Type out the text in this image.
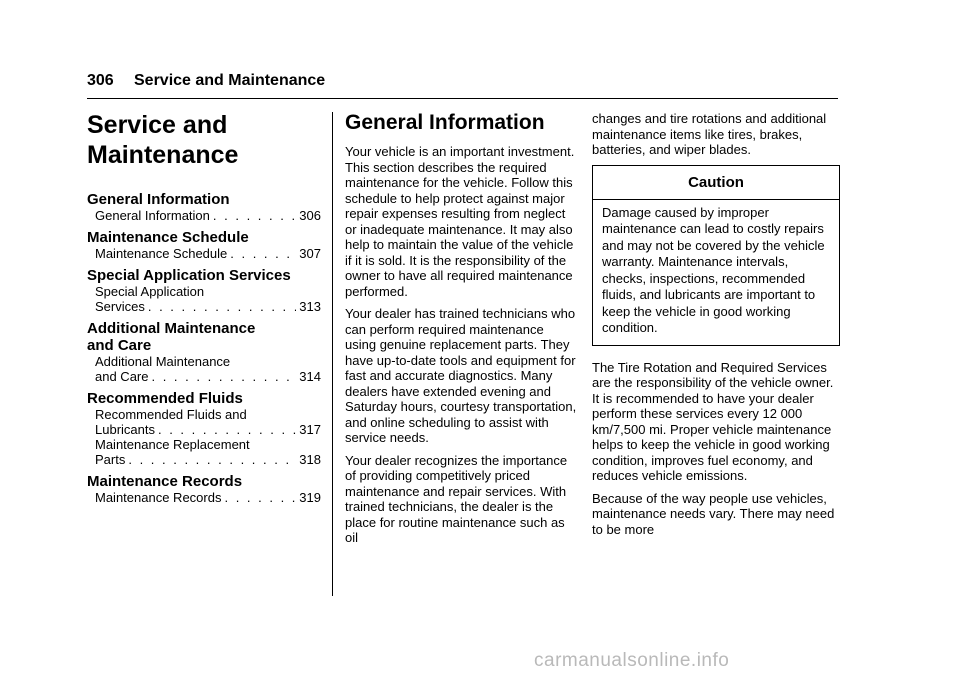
306 Service and Maintenance
Service and
Maintenance
General Information
General Information . . .	306
Maintenance Schedule
Maintenance Schedule . . .	307
Special Application Services
Special Application
Services . . .	313
Additional Maintenance
and Care
Additional Maintenance
and Care . . .	314
Recommended Fluids
Recommended Fluids and
Lubricants . . .	317
Maintenance Replacement
Parts . . .	318
Maintenance Records
Maintenance Records . . .	319
General Information

Your vehicle is an important investment. This section describes the required maintenance for the vehicle. Follow this schedule to help protect against major repair expenses resulting from neglect or inadequate maintenance. It may also help to maintain the value of the vehicle if it is sold. It is the responsibility of the owner to have all required maintenance performed.

Your dealer has trained technicians who can perform required maintenance using genuine replacement parts. They have up-to-date tools and equipment for fast and accurate diagnostics. Many dealers have extended evening and Saturday hours, courtesy transportation, and online scheduling to assist with service needs.

Your dealer recognizes the importance of providing competitively priced maintenance and repair services. With trained technicians, the dealer is the place for routine maintenance such as oil

changes and tire rotations and additional maintenance items like tires, brakes, batteries, and wiper blades.

Caution
Damage caused by improper maintenance can lead to costly repairs and may not be covered by the vehicle warranty. Maintenance intervals, checks, inspections, recommended fluids, and lubricants are important to keep the vehicle in good working condition.

The Tire Rotation and Required Services are the responsibility of the vehicle owner. It is recommended to have your dealer perform these services every 12 000 km/7,500 mi. Proper vehicle maintenance helps to keep the vehicle in good working condition, improves fuel economy, and reduces vehicle emissions.

Because of the way people use vehicles, maintenance needs vary. There may need to be more

carmanualsonline.info
